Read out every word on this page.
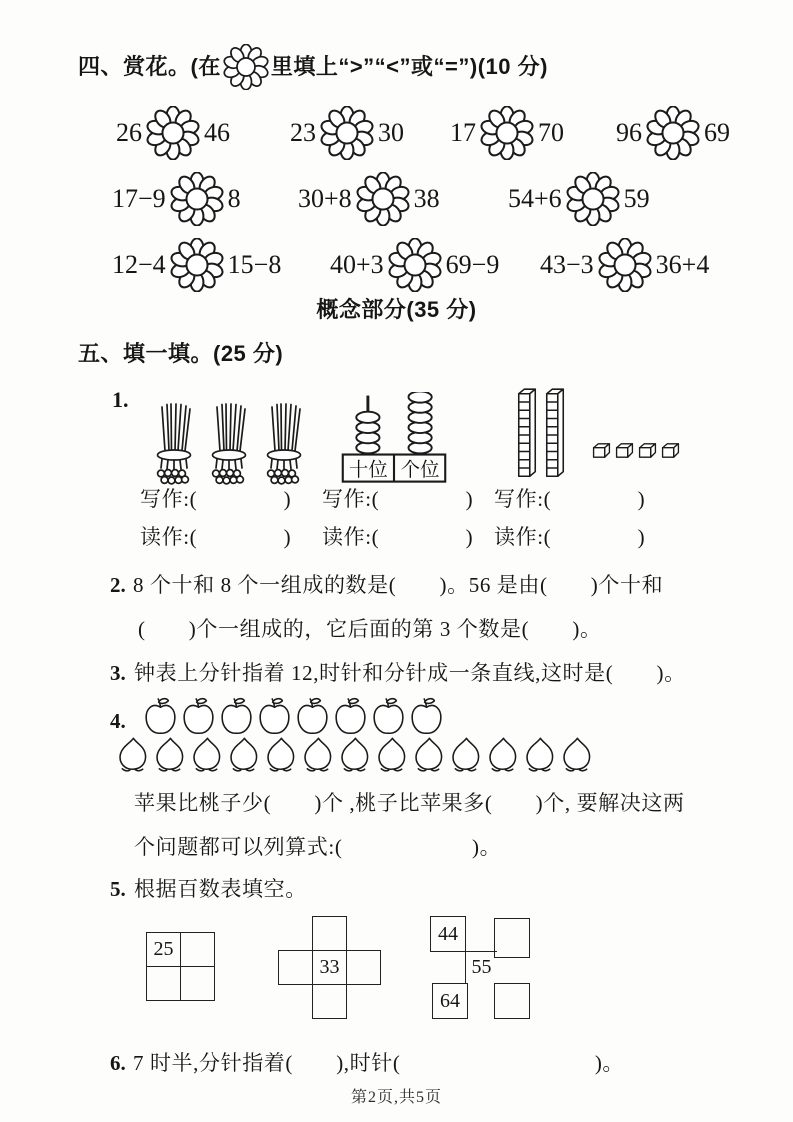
四、赏花。(在 里填上“>”“<”或“=”)(10 分)
26 46 23 30 17 70 96 69
17−9 8 30+8 38	54+6 59
12−4 15−8 40+3 69−9 43−3 36+4
概念部分(35 分)
五、填一填。(25 分)
1.
十位 个位
写作:(　　　　) 写作:(　　　　) 写作:(　　　　)
读作:(　　　　) 读作:(　　　　) 读作:(　　　　)
2. 8 个十和 8 个一组成的数是(　　)。56 是由(　　)个十和
(　　)个一组成的，它后面的第 3 个数是(　　)。
3. 钟表上分针指着 12,时针和分针成一条直线,这时是(　　)。
4.
苹果比桃子少(　　)个 ,桃子比苹果多(　　)个, 要解决这两
个问题都可以列算式:(　　　　　　)。
5. 根据百数表填空。
25
33
44
55
64
6. 7 时半,分针指着(　　),时针(　　　　　　　　　)。
第2页,共5页
